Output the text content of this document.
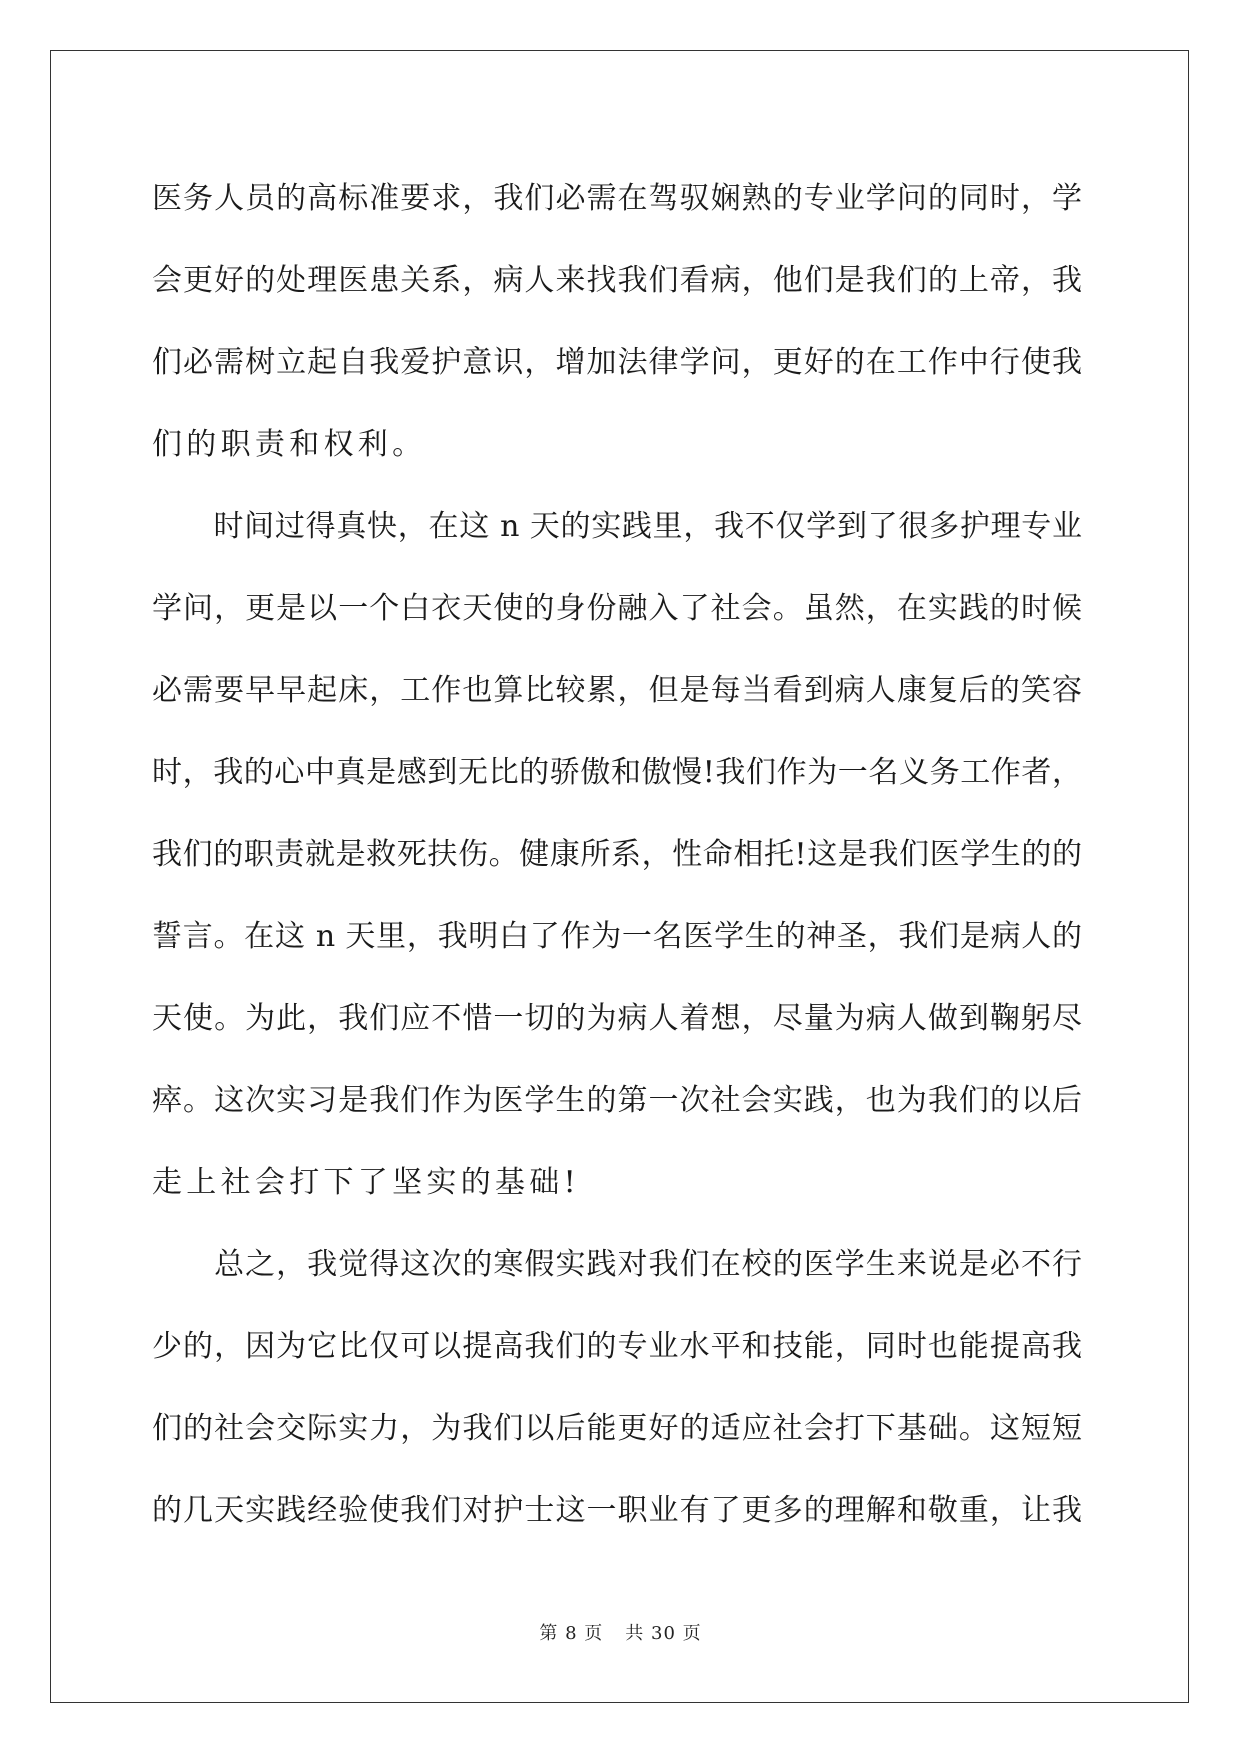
医务人员的高标准要求，我们必需在驾驭娴熟的专业学问的同时，学
会更好的处理医患关系，病人来找我们看病，他们是我们的上帝，我
们必需树立起自我爱护意识，增加法律学问，更好的在工作中行使我
们的职责和权利。
　　时间过得真快，在这 n 天的实践里，我不仅学到了很多护理专业
学问，更是以一个白衣天使的身份融入了社会。虽然，在实践的时候
必需要早早起床，工作也算比较累，但是每当看到病人康复后的笑容
时，我的心中真是感到无比的骄傲和傲慢!我们作为一名义务工作者，
我们的职责就是救死扶伤。健康所系，性命相托!这是我们医学生的的
誓言。在这 n 天里，我明白了作为一名医学生的神圣，我们是病人的
天使。为此，我们应不惜一切的为病人着想，尽量为病人做到鞠躬尽
瘁。这次实习是我们作为医学生的第一次社会实践，也为我们的以后
走上社会打下了坚实的基础!
　　总之，我觉得这次的寒假实践对我们在校的医学生来说是必不行
少的，因为它比仅可以提高我们的专业水平和技能，同时也能提高我
们的社会交际实力，为我们以后能更好的适应社会打下基础。这短短
的几天实践经验使我们对护士这一职业有了更多的理解和敬重，让我
第 8 页 共 30 页
